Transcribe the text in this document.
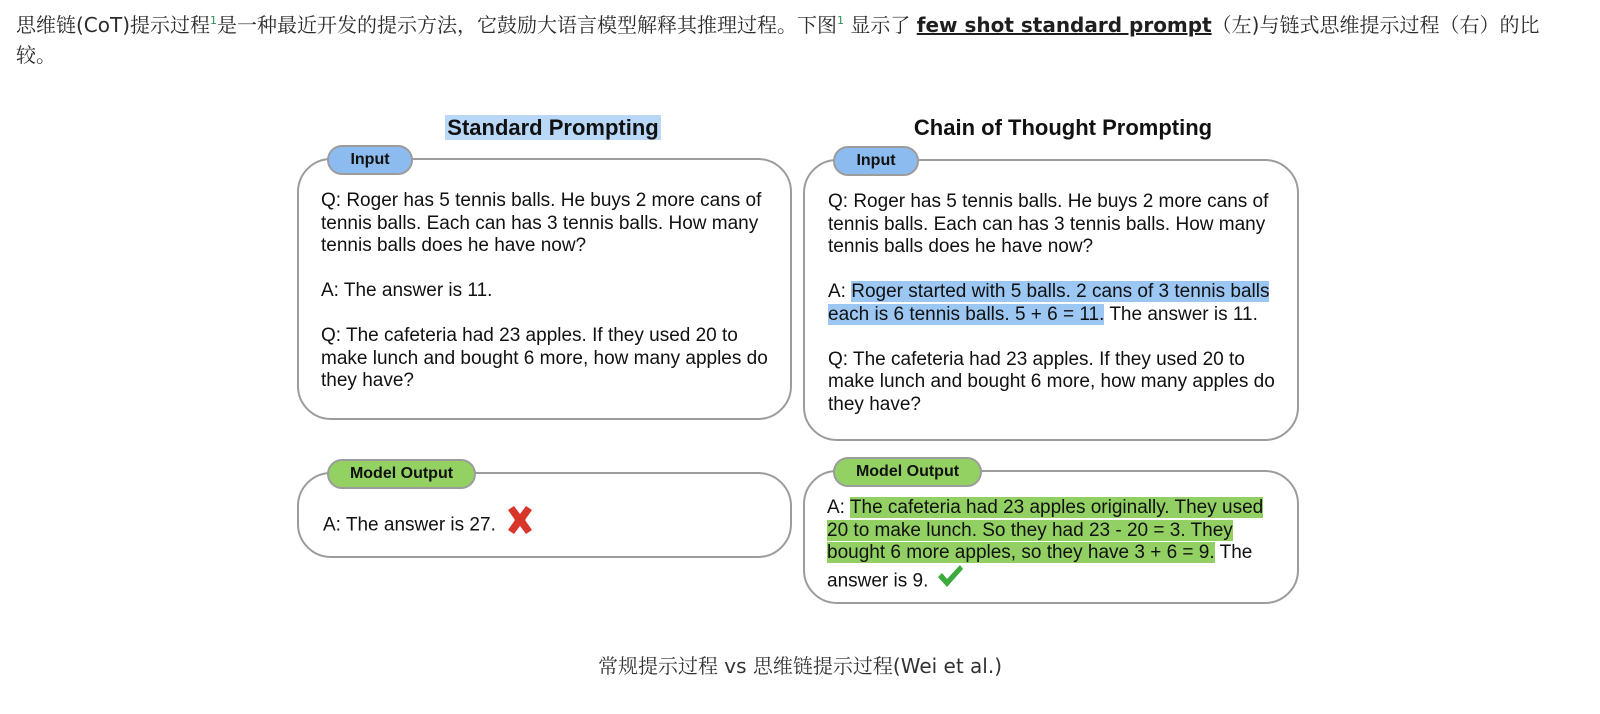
思维链(CoT)提示过程$^1$是一种最近开发的提示方法，它鼓励大语言模型解释其推理过程。下图$^1$ 显示了 few shot standard prompt（左)与链式思维提示过程（右）的比较。

Standard Prompting

Q: Roger has 5 tennis balls. He buys 2 more cans of tennis balls. Each can has 3 tennis balls. How many tennis balls does he have now?

A: The answer is 11.

Q: The cafeteria had 23 apples. If they used 20 to make lunch and bought 6 more, how many apples do they have?

Input
A: The answer is 27.
Model Output
Chain of Thought Prompting

Q: Roger has 5 tennis balls. He buys 2 more cans of tennis balls. Each can has 3 tennis balls. How many tennis balls does he have now?

A: Roger started with 5 balls. 2 cans of 3 tennis balls each is 6 tennis balls. 5 + 6 = 11. The answer is 11.

Q: The cafeteria had 23 apples. If they used 20 to make lunch and bought 6 more, how many apples do they have?

Input
A: The cafeteria had 23 apples originally. They used 20 to make lunch. So they had 23 - 20 = 3. They bought 6 more apples, so they have 3 + 6 = 9. The answer is 9.
Model Output
常规提示过程 vs 思维链提示过程(Wei et al.)
